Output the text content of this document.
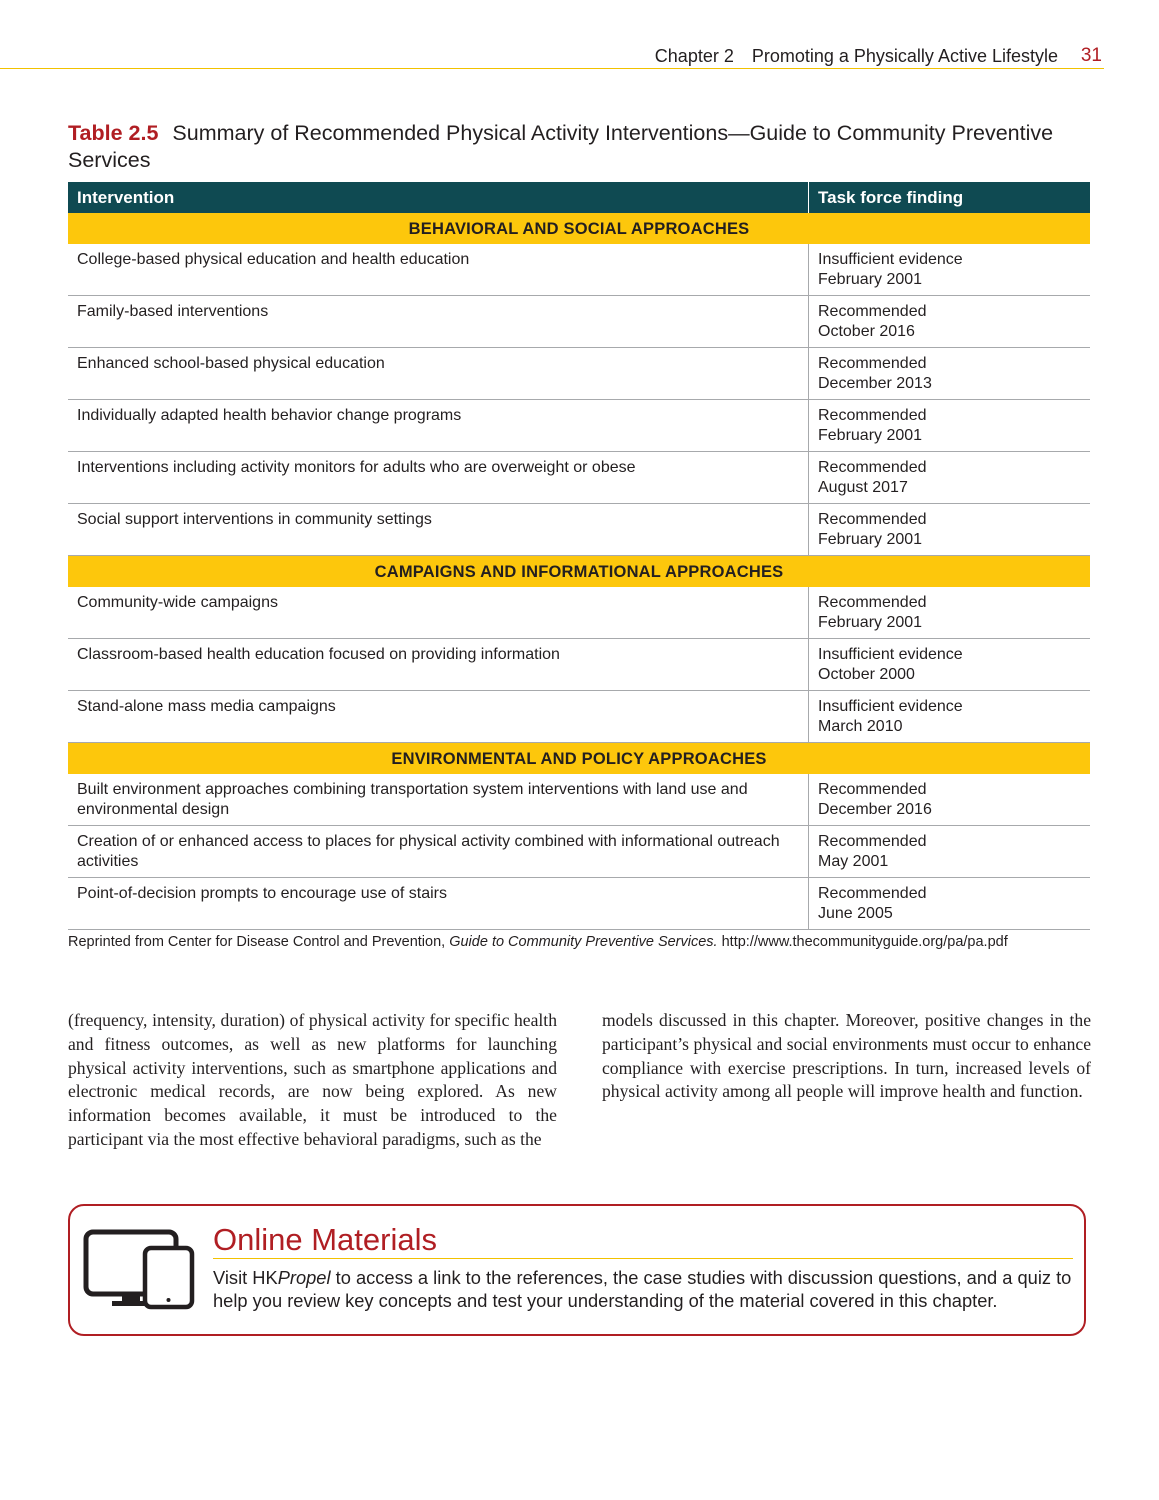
Chapter 2 Promoting a Physically Active Lifestyle 31
Table 2.5 Summary of Recommended Physical Activity Interventions—Guide to Community Preventive Services
Intervention	Task force finding
BEHAVIORAL AND SOCIAL APPROACHES	

College-based physical education and health education	Insufficient evidence
February 2001

Family-based interventions	Recommended
October 2016

Enhanced school-based physical education	Recommended
December 2013

Individually adapted health behavior change programs	Recommended
February 2001

Interventions including activity monitors for adults who are overweight or obese	Recommended
August 2017

Social support interventions in community settings	Recommended
February 2001

CAMPAIGNS AND INFORMATIONAL APPROACHES	

Community-wide campaigns	Recommended
February 2001

Classroom-based health education focused on providing information	Insufficient evidence
October 2000

Stand-alone mass media campaigns	Insufficient evidence
March 2010

ENVIRONMENTAL AND POLICY APPROACHES	

Built environment approaches combining transportation system interventions with land use and environmental design	Recommended
December 2016

Creation of or enhanced access to places for physical activity combined with informational outreach activities	Recommended
May 2001

Point-of-decision prompts to encourage use of stairs	Recommended
June 2005
Reprinted from Center for Disease Control and Prevention, Guide to Community Preventive Services. http://www.thecommunityguide.org/pa/pa.pdf
(frequency, intensity, duration) of physical activity for specific health and fitness outcomes, as well as new platforms for launching physical activity interventions, such as smartphone applications and electronic medical records, are now being explored. As new information becomes available, it must be introduced to the participant via the most effective behavioral paradigms, such as the
models discussed in this chapter. Moreover, positive changes in the participant’s physical and social environments must occur to enhance compliance with exercise prescriptions. In turn, increased levels of physical activity among all people will improve health and function.
Online Materials
Visit HKPropel to access a link to the references, the case studies with discussion questions, and a quiz to help you review key concepts and test your understanding of the material covered in this chapter.
